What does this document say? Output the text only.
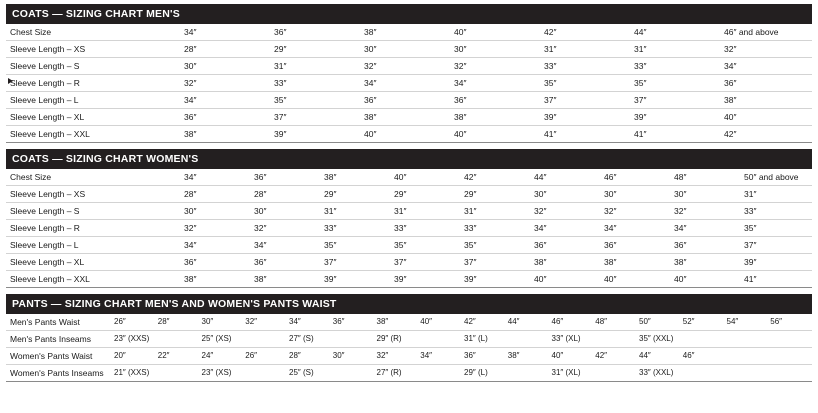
COATS — SIZING CHART MEN'S
Chest Size	34″	36″	38″	40″	42″	44″	46″ and above
Sleeve Length – XS	28″	29″	30″	30″	31″	31″	32″
Sleeve Length – S	30″	31″	32″	32″	33″	33″	34″

Sleeve Length – R	32″	33″	34″	34″	35″	35″	36″
Sleeve Length – L	34″	35″	36″	36″	37″	37″	38″
Sleeve Length – XL	36″	37″	38″	38″	39″	39″	40″
Sleeve Length – XXL	38″	39″	40″	40″	41″	41″	42″
COATS — SIZING CHART WOMEN'S
Chest Size	34″	36″	38″	40″	42″	44″	46″	48″	50″ and above
Sleeve Length – XS	28″	28″	29″	29″	29″	30″	30″	30″	31″
Sleeve Length – S	30″	30″	31″	31″	31″	32″	32″	32″	33″
Sleeve Length – R	32″	32″	33″	33″	33″	34″	34″	34″	35″
Sleeve Length – L	34″	34″	35″	35″	35″	36″	36″	36″	37″
Sleeve Length – XL	36″	36″	37″	37″	37″	38″	38″	38″	39″
Sleeve Length – XXL	38″	38″	39″	39″	39″	40″	40″	40″	41″
PANTS — SIZING CHART MEN'S AND WOMEN'S PANTS WAIST
Men's Pants Waist	26″	28″	30″	32″	34″	36″	38″	40″	42″	44″	46″	48″	50″	52″	54″	56″
Men's Pants Inseams	23″ (XXS)		25″ (XS)		27″ (S)		29″ (R)		31″ (L)		33″ (XL)		35″ (XXL)			
Women's Pants Waist	20″	22″	24″	26″	28″	30″	32″	34″	36″	38″	40″	42″	44″	46″		
Women's Pants Inseams	21″ (XXS)		23″ (XS)		25″ (S)		27″ (R)		29″ (L)		31″ (XL)		33″ (XXL)			
